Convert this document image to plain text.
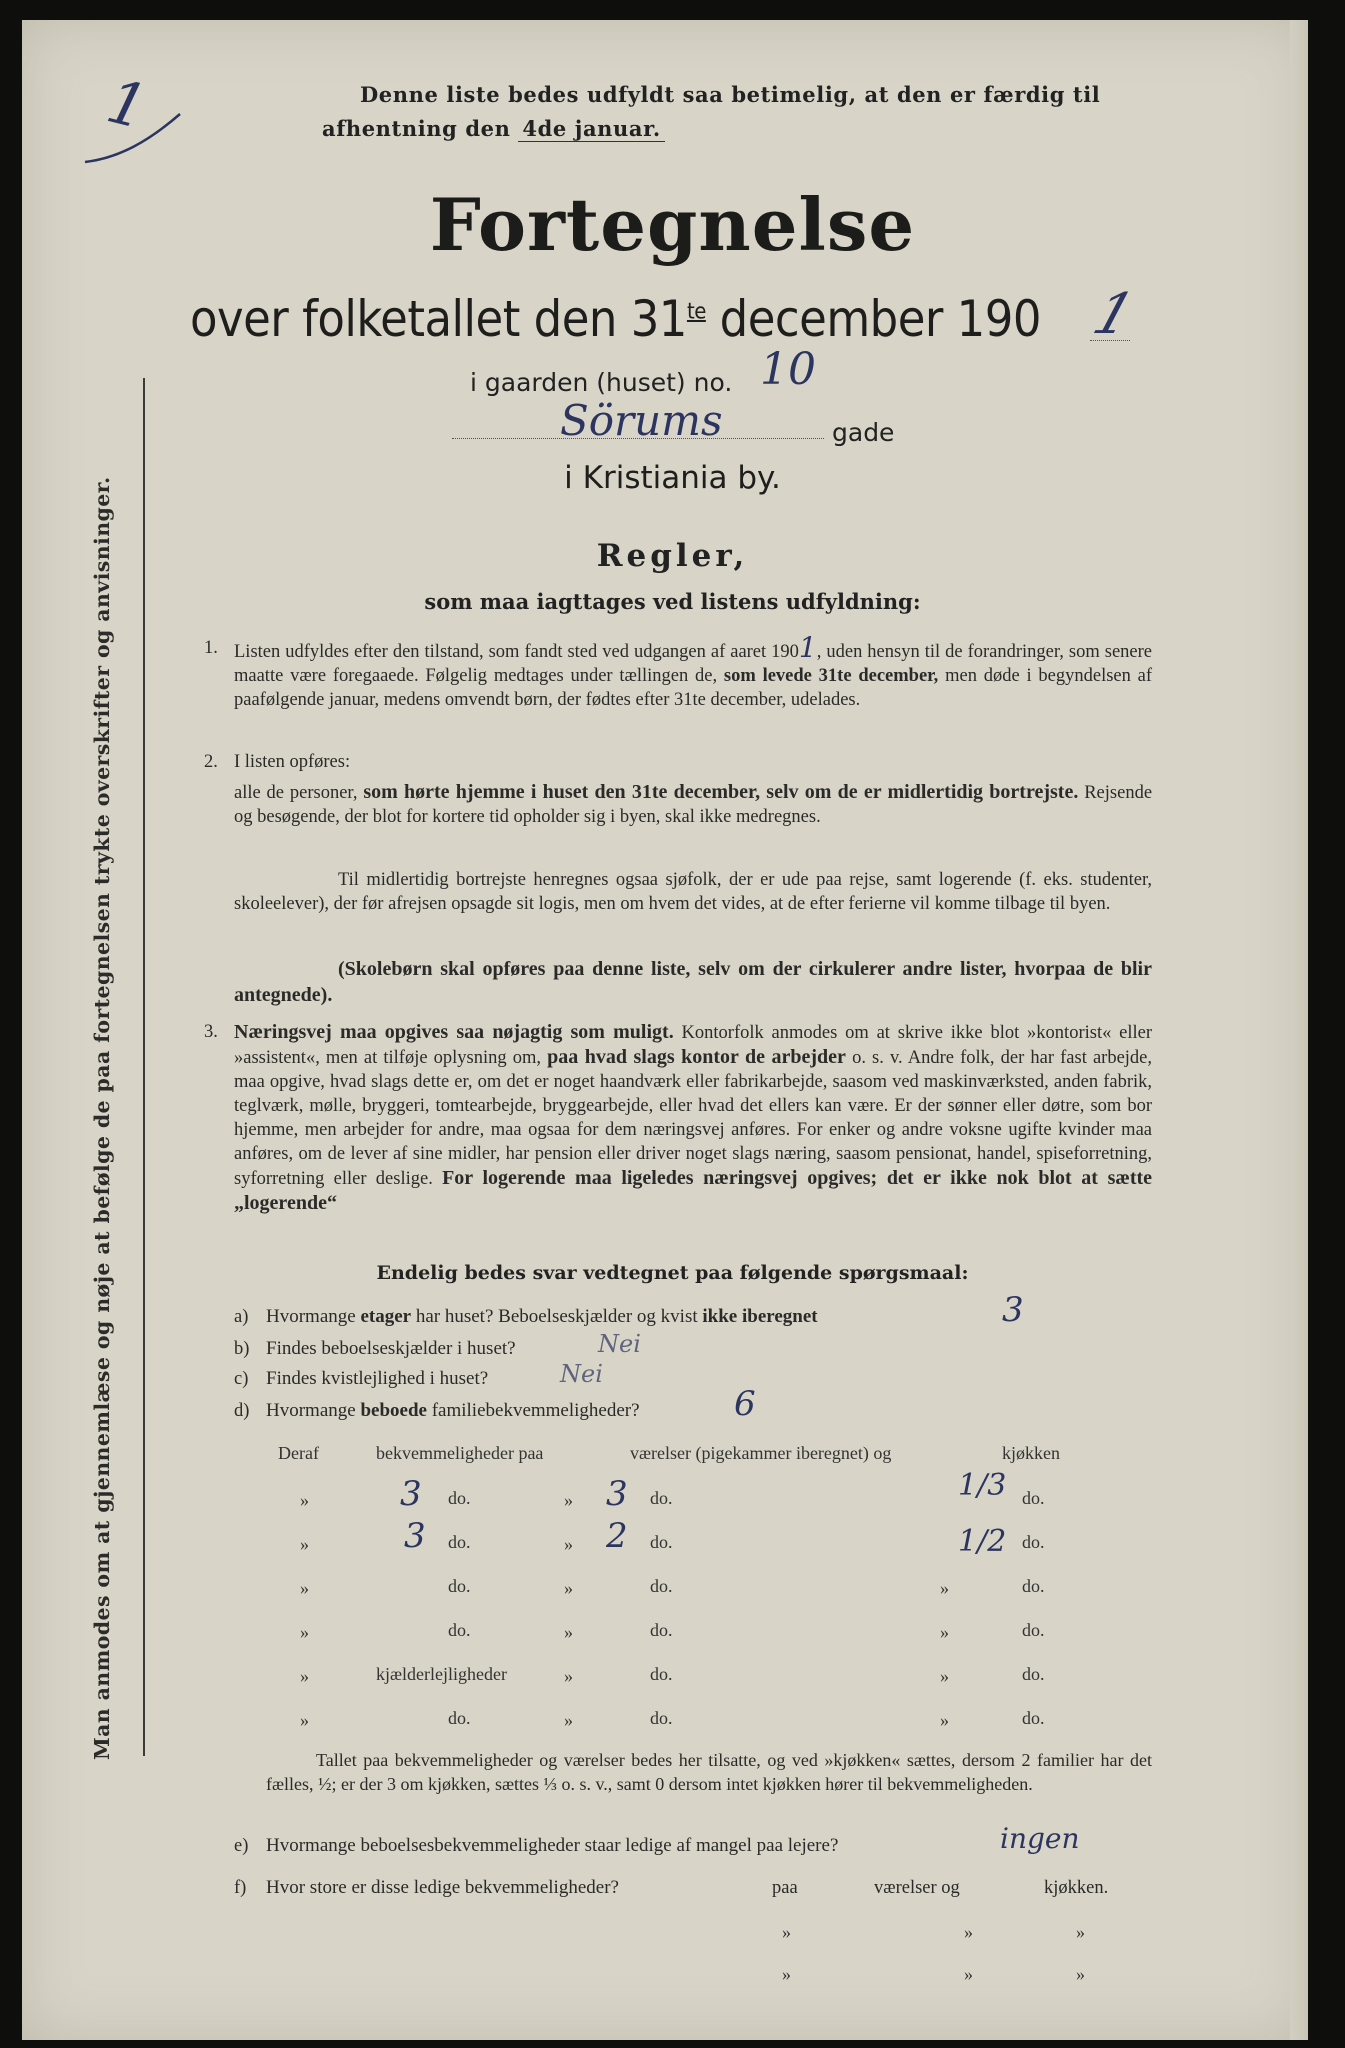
1	Denne liste bedes udfyldt saa betimelig, at den er færdig til
afhentning den 4de januar.
Fortegnelse
over folketallet den $31^{te}$ december 190 1
i gaarden (huset) no. 10
Sörums	gade
i Kristiania by.
Man anmodes om at gjennemlæse og nøje at befølge de paa fortegnelsen trykte overskrifter og anvisninger.	Regler,
som maa iagttages ved listens udfyldning:
1. Listen udfyldes efter den tilstand, som fandt sted ved udgangen af aaret 1901, uden hensyn til de forandringer, som senere maatte være foregaaede. Følgelig medtages under tællingen de, som levede 31te december, men døde i begyndelsen af paafølgende januar, medens omvendt børn, der fødtes efter 31te december, udelades.
2. I listen opføres:
alle de personer, som hørte hjemme i huset den 31te december, selv om de er midlertidig bortrejste. Rejsende og besøgende, der blot for kortere tid opholder sig i byen, skal ikke medregnes.
Til midlertidig bortrejste henregnes ogsaa sjøfolk, der er ude paa rejse, samt logerende (f. eks. studenter, skoleelever), der før afrejsen opsagde sit logis, men om hvem det vides, at de efter ferierne vil komme tilbage til byen.
(Skolebørn skal opføres paa denne liste, selv om der cirkulerer andre lister, hvorpaa de blir antegnede).
3. Næringsvej maa opgives saa nøjagtig som muligt. Kontorfolk anmodes om at skrive ikke blot »kontorist« eller »assistent«, men at tilføje oplysning om, paa hvad slags kontor de arbejder o. s. v. Andre folk, der har fast arbejde, maa opgive, hvad slags dette er, om det er noget haandværk eller fabrikarbejde, saasom ved maskinværksted, anden fabrik, teglværk, mølle, bryggeri, tomtearbejde, bryggearbejde, eller hvad det ellers kan være. Er der sønner eller døtre, som bor hjemme, men arbejder for andre, maa ogsaa for dem næringsvej anføres. For enker og andre voksne ugifte kvinder maa anføres, om de lever af sine midler, har pension eller driver noget slags næring, saasom pensionat, handel, spiseforretning, syforretning eller deslige. For logerende maa ligeledes næringsvej opgives; det er ikke nok blot at sætte „logerende“
Endelig bedes svar vedtegnet paa følgende spørgsmaal:
a) Hvormange etager har huset? Beboelseskjælder og kvist ikke iberegnet	3
b) Findes beboelseskjælder i huset?	Nei
c) Findes kvistlejlighed i huset?	Nei
d) Hvormange beboede familiebekvemmeligheder?	6
Deraf	bekvemmeligheder paa	værelser (pigekammer iberegnet) og	kjøkken
»	3 do.	» 3 do.	1/3 do.
»	3 do.	» 2 do.	1/2 do.
»	do.	»	do.	»	do.
»	do.	»	do.	»	do.
»	kjælderlejligheder	»	do.	»	do.
»	do.	»	do.	»	do.
Tallet paa bekvemmeligheder og værelser bedes her tilsatte, og ved »kjøkken« sættes, dersom 2 familier har det fælles, ½; er der 3 om kjøkken, sættes ⅓ o. s. v., samt 0 dersom intet kjøkken hører til bekvemmeligheden.
e) Hvormange beboelsesbekvemmeligheder staar ledige af mangel paa lejere?	ingen
f) Hvor store er disse ledige bekvemmeligheder?	paa	værelser og	kjøkken.
»	»	»
»	»	»
